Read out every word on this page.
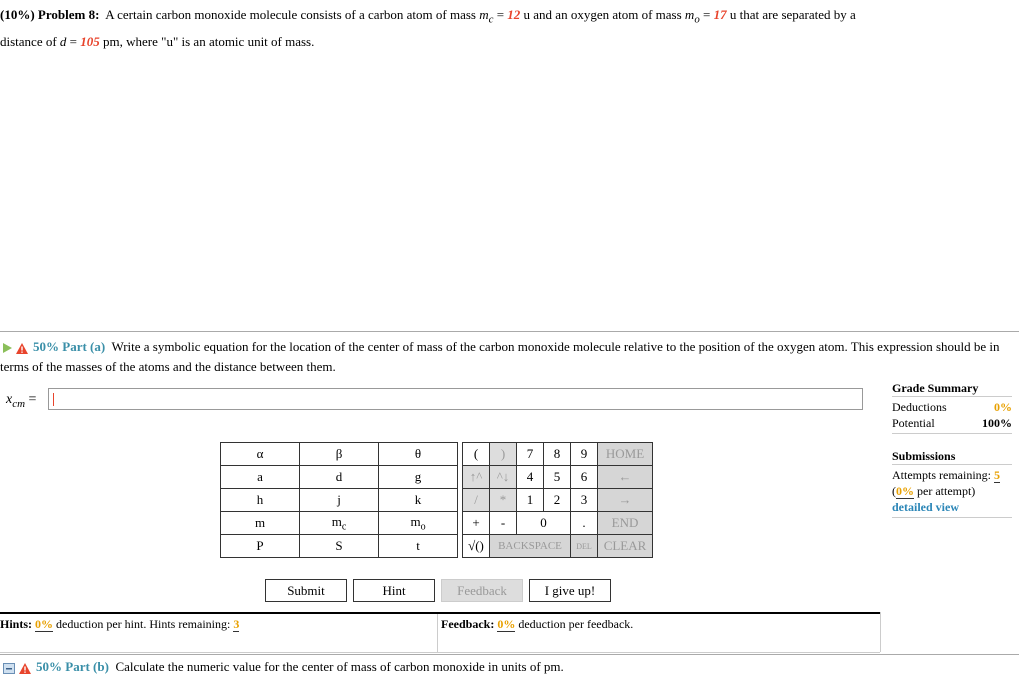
(10%) Problem 8: A certain carbon monoxide molecule consists of a carbon atom of mass $m_c = 12$ u and an oxygen atom of mass $m_o = 17$ u that are separated by a
distance of d = 105 pm, where "u" is an atomic unit of mass.
50% Part (a) Write a symbolic equation for the location of the center of mass of the carbon monoxide molecule relative to the position of the oxygen atom. This expression should be in terms of the masses of the atoms and the distance between them.
$x_{cm}$ =
α	β	θ
a	d	g
h	j	k
m	$m_c$	$m_o$
P	S	t
(	)	7	8	9	HOME
↑^	^↓	4	5	6	←
/	*	1	2	3	→
+	-	0		.	END
√()	BACKSPACE			DEL	CLEAR
Submit	Hint	Feedback	I give up!
Hints: 0% deduction per hint. Hints remaining: 3	Feedback: 0% deduction per feedback.
Grade Summary
Deductions	0%
Potential	100%
Submissions
Attempts remaining: 5
(0% per attempt)
detailed view
50% Part (b) Calculate the numeric value for the center of mass of carbon monoxide in units of pm.
